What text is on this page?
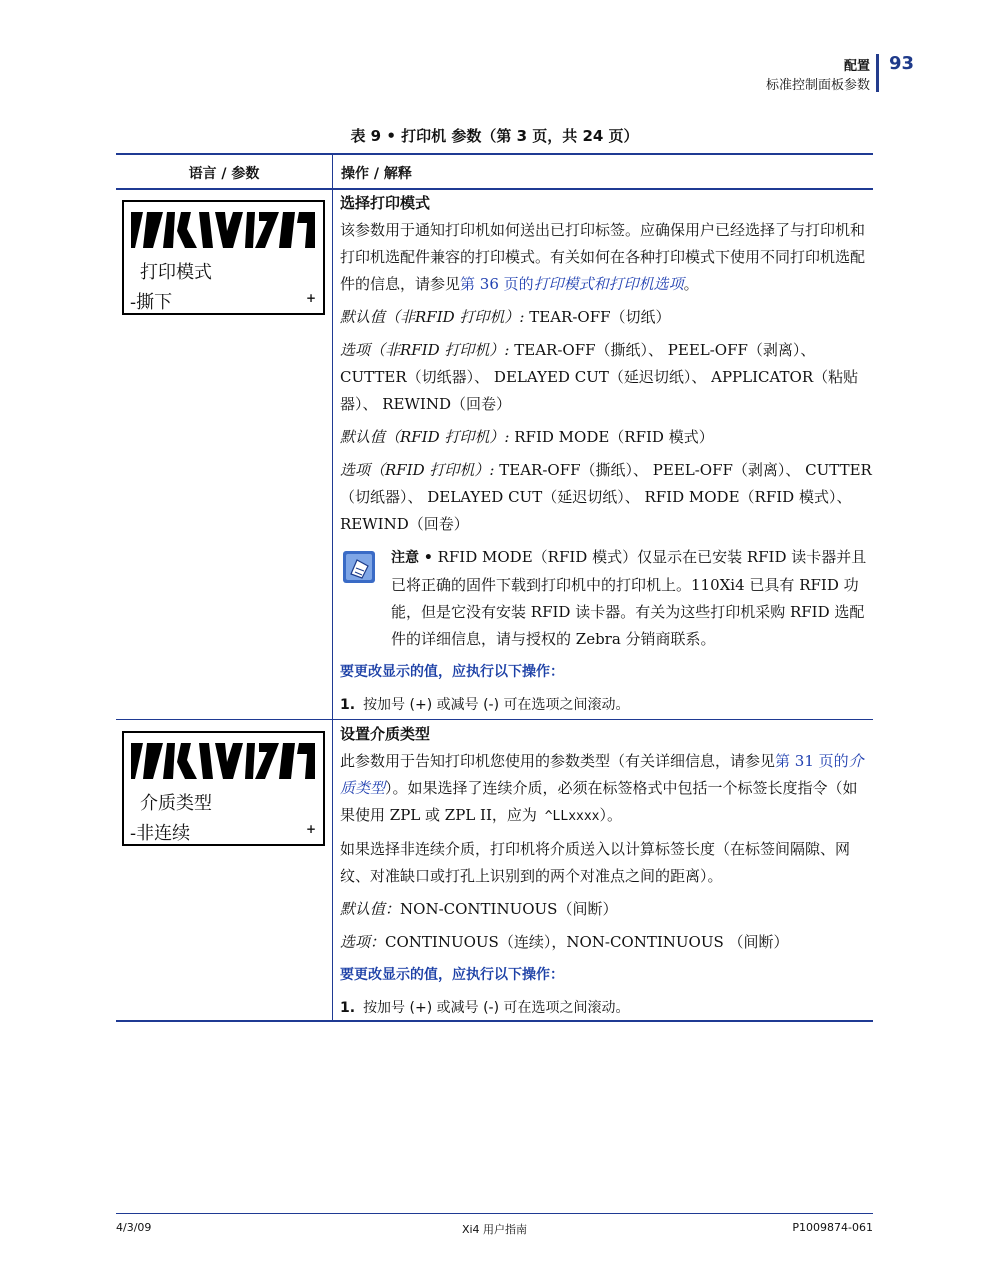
配置
标准控制面板参数
93
表 9 • 打印机 参数（第 3 页，共 24 页）
语言 / 参数	操作 / 解释
打印模式
-撕下	+

选择打印模式

该参数用于通知打印机如何送出已打印标签。应确保用户已经选择了与打印机和打印机选配件兼容的打印模式。有关如何在各种打印模式下使用不同打印机选配件的信息，请参见第 36 页的打印模式和打印机选项。

默认值（非RFID 打印机）: TEAR-OFF（切纸）

选项（非RFID 打印机）: TEAR-OFF（撕纸）、 PEEL-OFF（剥离）、 CUTTER（切纸器）、 DELAYED CUT（延迟切纸）、 APPLICATOR（粘贴器）、 REWIND（回卷）

默认值（RFID 打印机）: RFID MODE（RFID 模式）

选项（RFID 打印机）: TEAR-OFF（撕纸）、 PEEL-OFF（剥离）、 CUTTER（切纸器）、 DELAYED CUT（延迟切纸）、 RFID MODE（RFID 模式）、 REWIND（回卷）

注意 • RFID MODE（RFID 模式）仅显示在已安装 RFID 读卡器并且已将正确的固件下载到打印机中的打印机上。110Xi4 已具有 RFID 功能，但是它没有安装 RFID 读卡器。有关为这些打印机采购 RFID 选配件的详细信息，请与授权的 Zebra 分销商联系。

要更改显示的值，应执行以下操作：

1. 按加号 (+) 或减号 (-) 可在选项之间滚动。

介质类型
-非连续	+

设置介质类型

此参数用于告知打印机您使用的参数类型（有关详细信息，请参见第 31 页的介质类型）。如果选择了连续介质，必须在标签格式中包括一个标签长度指令（如果使用 ZPL 或 ZPL II，应为 ^LLxxxx）。

如果选择非连续介质，打印机将介质送入以计算标签长度（在标签间隔隙、网纹、对准缺口或打孔上识别到的两个对准点之间的距离）。

默认值：NON-CONTINUOUS（间断）

选项：CONTINUOUS（连续），NON-CONTINUOUS （间断）

要更改显示的值，应执行以下操作：

1. 按加号 (+) 或减号 (-) 可在选项之间滚动。

4/3/09	Xi4 用户指南	P1009874-061
